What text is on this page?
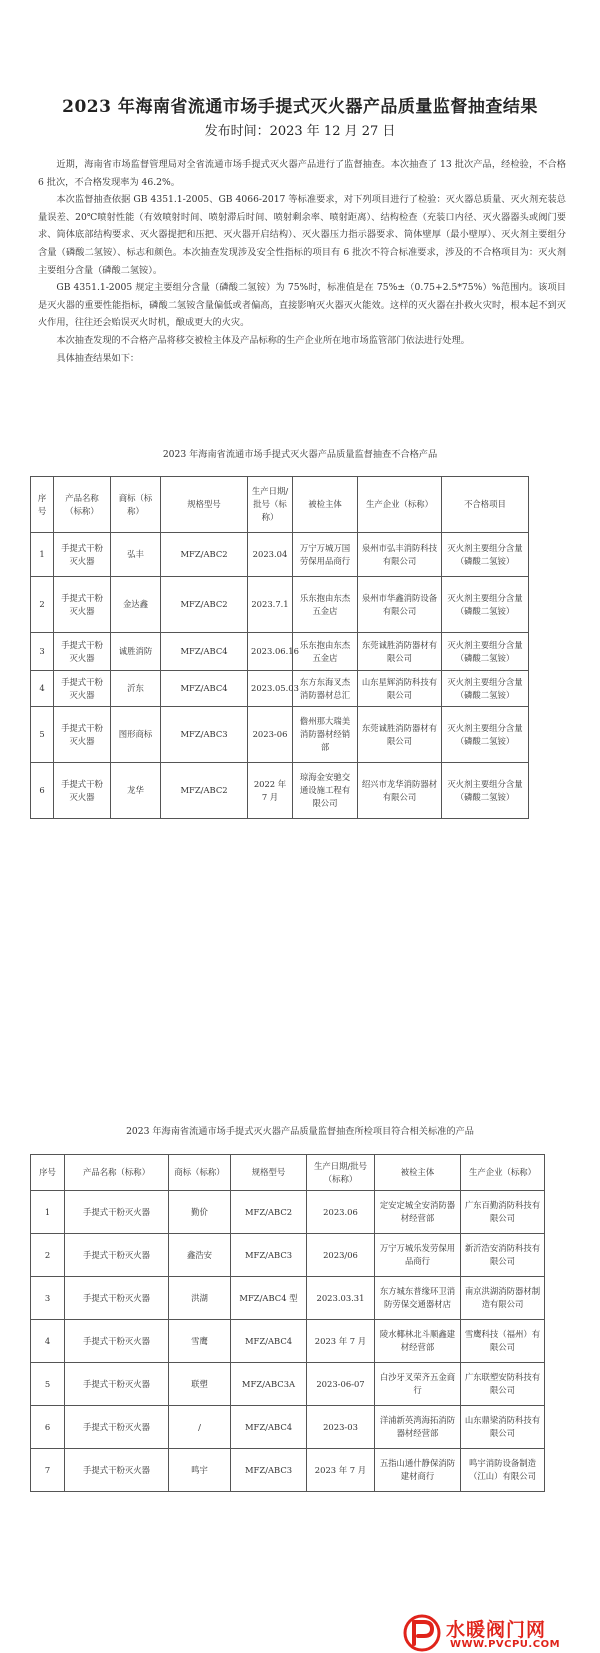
2023 年海南省流通市场手提式灭火器产品质量监督抽查结果
发布时间：2023 年 12 月 27 日

近期，海南省市场监督管理局对全省流通市场手提式灭火器产品进行了监督抽查。本次抽查了 13 批次产品，经检验，不合格 6 批次，不合格发现率为 46.2%。

本次监督抽查依据 GB 4351.1-2005、GB 4066-2017 等标准要求，对下列项目进行了检验：灭火器总质量、灭火剂充装总量误差、20℃喷射性能（有效喷射时间、喷射滞后时间、喷射剩余率、喷射距离）、结构检查（充装口内径、灭火器器头或阀门要求、筒体底部结构要求、灭火器提把和压把、灭火器开启结构）、灭火器压力指示器要求、筒体壁厚（最小壁厚）、灭火剂主要组分含量（磷酸二氢铵）、标志和颜色。本次抽查发现涉及安全性指标的项目有 6 批次不符合标准要求，涉及的不合格项目为：灭火剂主要组分含量（磷酸二氢铵）。

GB 4351.1-2005 规定主要组分含量（磷酸二氢铵）为 75%时，标准值是在 75%±（0.75+2.5*75%）%范围内。该项目是灭火器的重要性能指标，磷酸二氢铵含量偏低或者偏高，直接影响灭火器灭火能效。这样的灭火器在扑救火灾时，根本起不到灭火作用，往往还会贻误灭火时机，酿成更大的火灾。

本次抽查发现的不合格产品将移交被检主体及产品标称的生产企业所在地市场监管部门依法进行处理。

具体抽查结果如下：

2023 年海南省流通市场手提式灭火器产品质量监督抽查不合格产品
序号	产品名称（标称）	商标（标称）	规格型号	生产日期/批号（标称）	被检主体	生产企业（标称）	不合格项目
1	手提式干粉灭火器	弘丰	MFZ/ABC2	2023.04	万宁万城万国劳保用品商行	泉州市弘丰消防科技有限公司	灭火剂主要组分含量（磷酸二氢铵）
2	手提式干粉灭火器	金达鑫	MFZ/ABC2	2023.7.1	乐东抱由东杰五金店	泉州市华鑫消防设备有限公司	灭火剂主要组分含量（磷酸二氢铵）
3	手提式干粉灭火器	诚胜消防	MFZ/ABC4	2023.06.16	乐东抱由东杰五金店	东莞诚胜消防器材有限公司	灭火剂主要组分含量（磷酸二氢铵）
4	手提式干粉灭火器	沂东	MFZ/ABC4	2023.05.03	东方东海叉杰消防器材总汇	山东星辉消防科技有限公司	灭火剂主要组分含量（磷酸二氢铵）
5	手提式干粉灭火器	图形商标	MFZ/ABC3	2023-06	儋州那大瑞美消防器材经销部	东莞诚胜消防器材有限公司	灭火剂主要组分含量（磷酸二氢铵）
6	手提式干粉灭火器	龙华	MFZ/ABC2	2022 年 7 月	琼海金安驰交通设施工程有限公司	绍兴市龙华消防器材有限公司	灭火剂主要组分含量（磷酸二氢铵）
2023 年海南省流通市场手提式灭火器产品质量监督抽查所检项目符合相关标准的产品
序号	产品名称（标称）	商标（标称）	规格型号	生产日期/批号（标称）	被检主体	生产企业（标称）
1	手提式干粉灭火器	勤价	MFZ/ABC2	2023.06	定安定城全安消防器材经营部	广东百勤消防科技有限公司
2	手提式干粉灭火器	鑫浩安	MFZ/ABC3	2023/06	万宁万城乐发劳保用品商行	新沂浩安消防科技有限公司
3	手提式干粉灭火器	洪湖	MFZ/ABC4 型	2023.03.31	东方城东普缘环卫消防劳保交通器材店	南京洪湖消防器材制造有限公司
4	手提式干粉灭火器	雪鹰	MFZ/ABC4	2023 年 7 月	陵水椰林北斗顺鑫建材经营部	雪鹰科技（福州）有限公司
5	手提式干粉灭火器	联塑	MFZ/ABC3A	2023-06-07	白沙牙叉荣齐五金商行	广东联塑安防科技有限公司
6	手提式干粉灭火器	/	MFZ/ABC4	2023-03	洋浦新英湾海拓消防器材经营部	山东鼎梁消防科技有限公司
7	手提式干粉灭火器	鸣宇	MFZ/ABC3	2023 年 7 月	五指山通什静保消防建材商行	鸣宇消防设备制造（江山）有限公司
水暖阀门网
WWW.PVCPU.COM
